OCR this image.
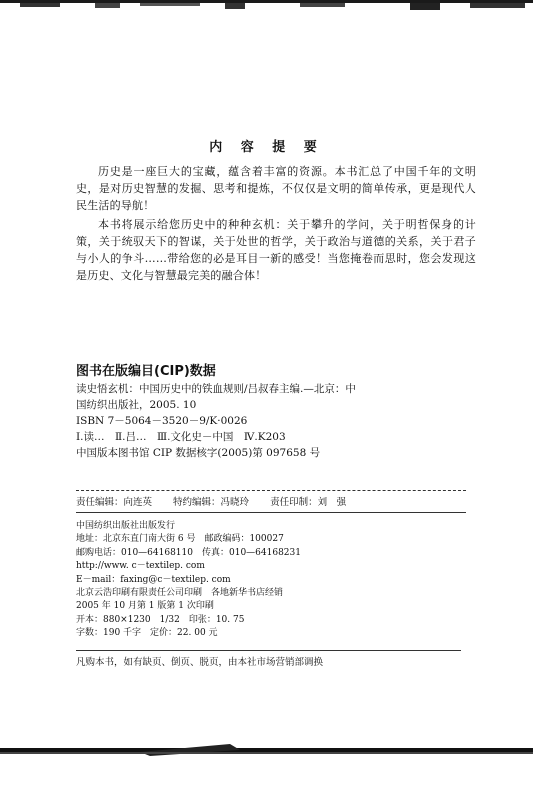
内 容 提 要

历史是一座巨大的宝藏，蕴含着丰富的资源。本书汇总了中国千年的文明史，是对历史智慧的发掘、思考和提炼，不仅仅是文明的简单传承，更是现代人民生活的导航！

本书将展示给您历史中的种种玄机：关于攀升的学问，关于明哲保身的计策，关于统驭天下的智谋，关于处世的哲学，关于政治与道德的关系，关于君子与小人的争斗……带给您的必是耳目一新的感受！当您掩卷而思时，您会发现这是历史、文化与智慧最完美的融合体！

图书在版编目(CIP)数据
读史悟玄机：中国历史中的铁血规则/吕叔春主编.—北京：中
国纺织出版社，2005. 10
ISBN 7－5064－3520－9/K·0026
Ⅰ.读…　Ⅱ.吕…　Ⅲ.文化史－中国　Ⅳ.K203
中国版本图书馆 CIP 数据核字(2005)第 097658 号
责任编辑：向连英 特约编辑：冯晓玲 责任印制：刘　强
中国纺织出版社出版发行
地址：北京东直门南大街 6 号　邮政编码：100027
邮购电话：010—64168110　传真：010—64168231
http://www. c－textilep. com
E－mail：faxing@c－textilep. com
北京云浩印刷有限责任公司印刷　各地新华书店经销
2005 年 10 月第 1 版第 1 次印刷
开本：880×1230　1/32　印张：10. 75
字数：190 千字　定价：22. 00 元
凡购本书，如有缺页、倒页、脱页，由本社市场营销部调换
